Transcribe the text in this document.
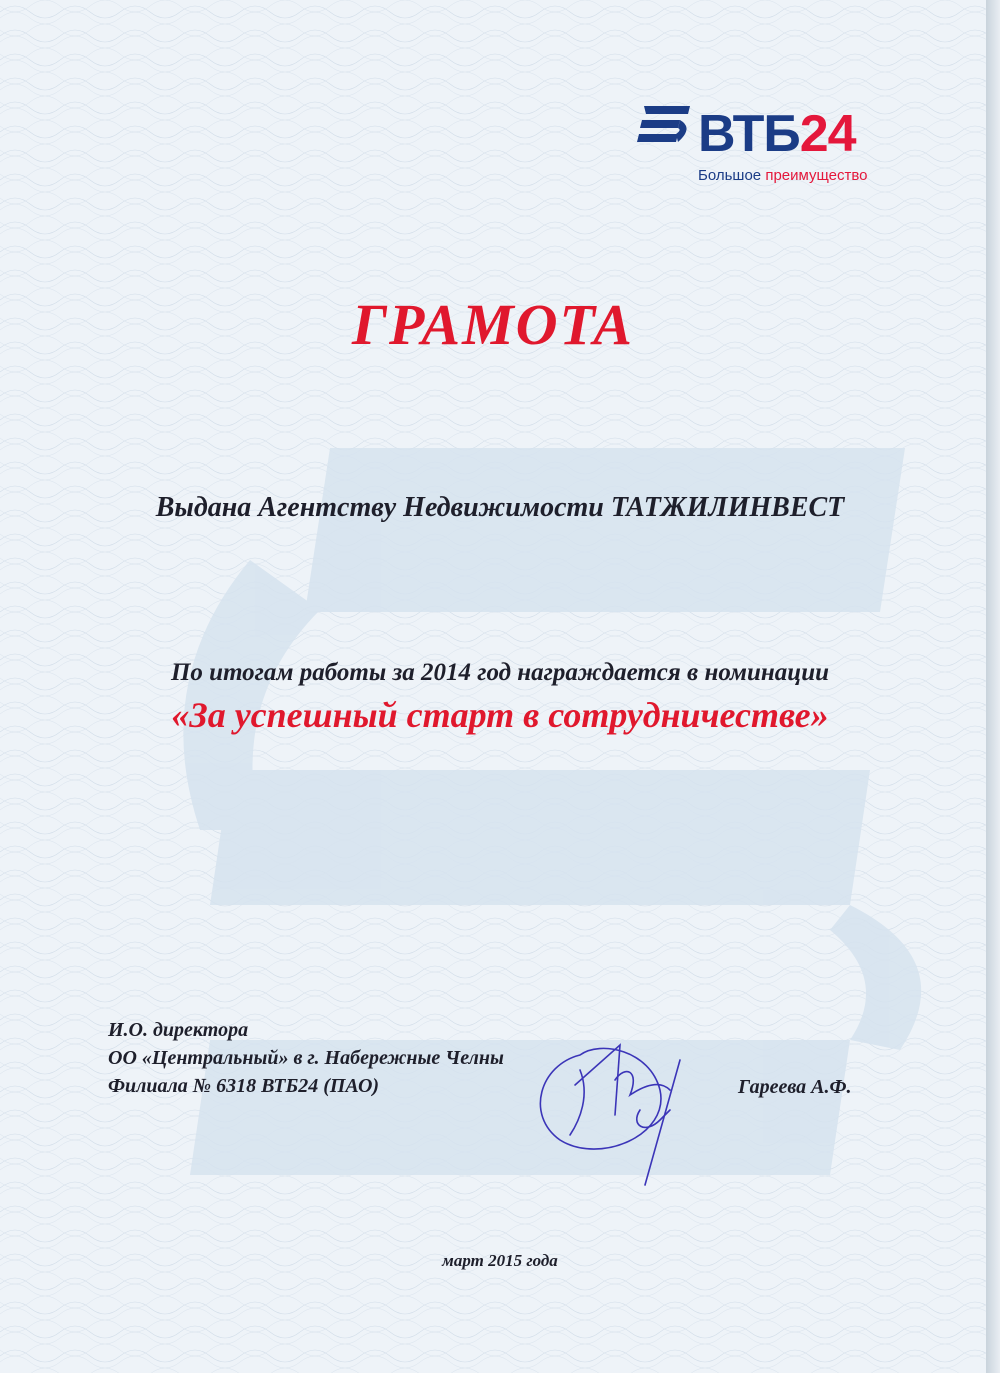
ВТБ24
Большое преимущество
ГРАМОТА
Выдана Агентству Недвижимости ТАТЖИЛИНВЕСТ
По итогам работы за 2014 год награждается в номинации
«За успешный старт в сотрудничестве»
И.О. директора
ОО «Центральный» в г. Набережные Челны
Филиала № 6318 ВТБ24 (ПАО)	Гареева А.Ф.
март 2015 года
